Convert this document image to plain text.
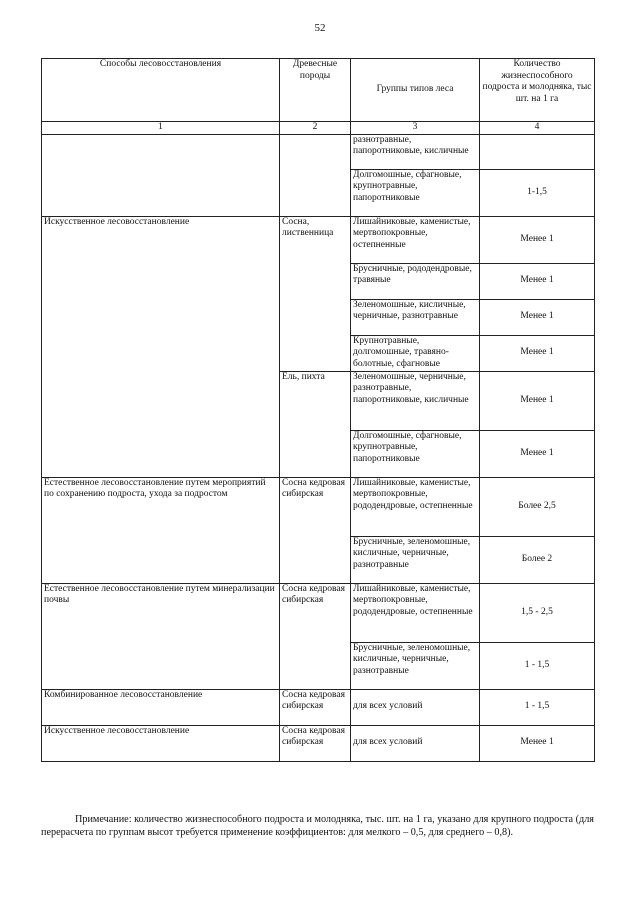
52
Способы лесовосстановления	Древесные породы	Группы типов леса	Количество жизнеспособного подроста и молодняка, тыс шт. на 1 га
1	2	3	4
		разнотравные, папоротниковые, кисличные	
		Долгомошные, сфагновые, крупнотравные, папоротниковые	1-1,5
Искусственное лесовосстановление	Сосна, лиственница	Лишайниковые, каменистые, мертвопокровные, остепненные	Менее 1
		Брусничные, рододендровые, травяные	Менее 1
		Зеленомошные, кисличные, черничные, разнотравные	Менее 1
		Крупнотравные, долгомошные, травяно-болотные, сфагновые	Менее 1
	Ель, пихта	Зеленомошные, черничные, разнотравные, папоротниковые, кисличные	Менее 1
		Долгомошные, сфагновые, крупнотравные, папоротниковые	Менее 1
Естественное лесовосстановление путем мероприятий по сохранению подроста, ухода за подростом	Сосна кедровая сибирская	Лишайниковые, каменистые, мертвопокровные, рододендровые, остепненные	Более 2,5
		Брусничные, зеленомошные, кисличные, черничные, разнотравные	Более 2
Естественное лесовосстановление путем минерализации почвы	Сосна кедровая сибирская	Лишайниковые, каменистые, мертвопокровные, рододендровые, остепненные	1,5 - 2,5
		Брусничные, зеленомошные, кисличные, черничные, разнотравные	1 - 1,5
Комбинированное лесовосстановление	Сосна кедровая сибирская	для всех условий	1 - 1,5
Искусственное лесовосстановление	Сосна кедровая сибирская	для всех условий	Менее 1
Примечание: количество жизнеспособного подроста и молодняка, тыс. шт. на 1 га, указано для крупного подроста (для перерасчета по группам высот требуется применение коэффициентов: для мелкого – 0,5, для среднего – 0,8).
